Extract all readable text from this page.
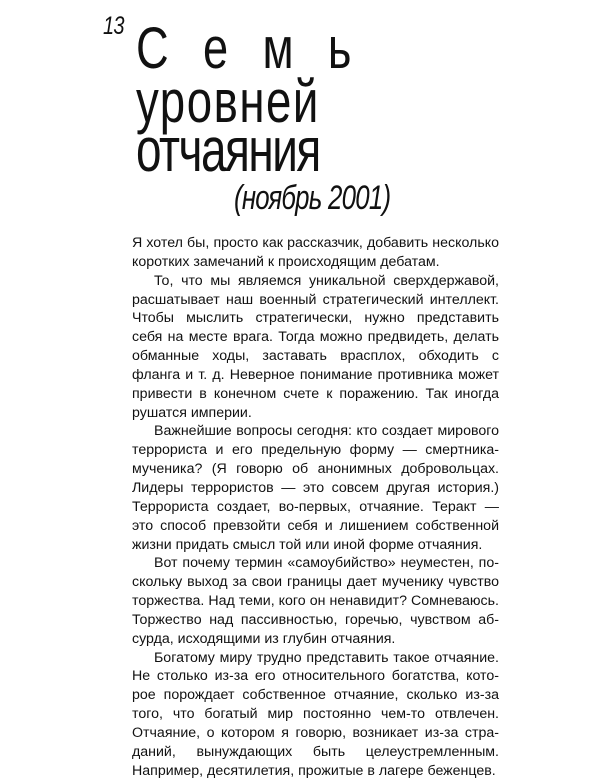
13 Семь
уровней
отчаяния
(ноябрь 2001)

Я хотел бы, просто как рассказчик, добавить несколько коротких замечаний к происходящим дебатам.

То, что мы являемся уникальной сверхдержавой, расшатывает наш военный стратегический интеллект. Чтобы мыслить стратегически, нужно представить себя на месте врага. Тогда можно предвидеть, делать обманные ходы, заставать врасплох, обходить с фланга и т. д. Неверное понимание противника может привести в конечном счете к поражению. Так иногда рушатся империи.

Важнейшие вопросы сегодня: кто создает мирового террориста и его предельную форму — смертника-мученика? (Я говорю об анонимных добровольцах. Лидеры террористов — это совсем другая история.) Террориста создает, во-первых, отчаяние. Теракт — это способ превзойти себя и лишением собственной жизни придать смысл той или иной форме отчаяния.

Вот почему термин «самоубийство» неуместен, поскольку выход за свои границы дает мученику чувство торжества. Над теми, кого он ненавидит? Сомневаюсь. Торжество над пассивностью, горечью, чувством абсурда, исходящими из глубин отчаяния.

Богатому миру трудно представить такое отчаяние. Не столько из-за его относительного богатства, которое порождает собственное отчаяние, сколько из-за того, что богатый мир постоянно чем-то отвлечен. Отчаяние, о котором я говорю, возникает из-за страданий, вынуждающих быть целеустремленным. Например, десятилетия, прожитые в лагере беженцев.
